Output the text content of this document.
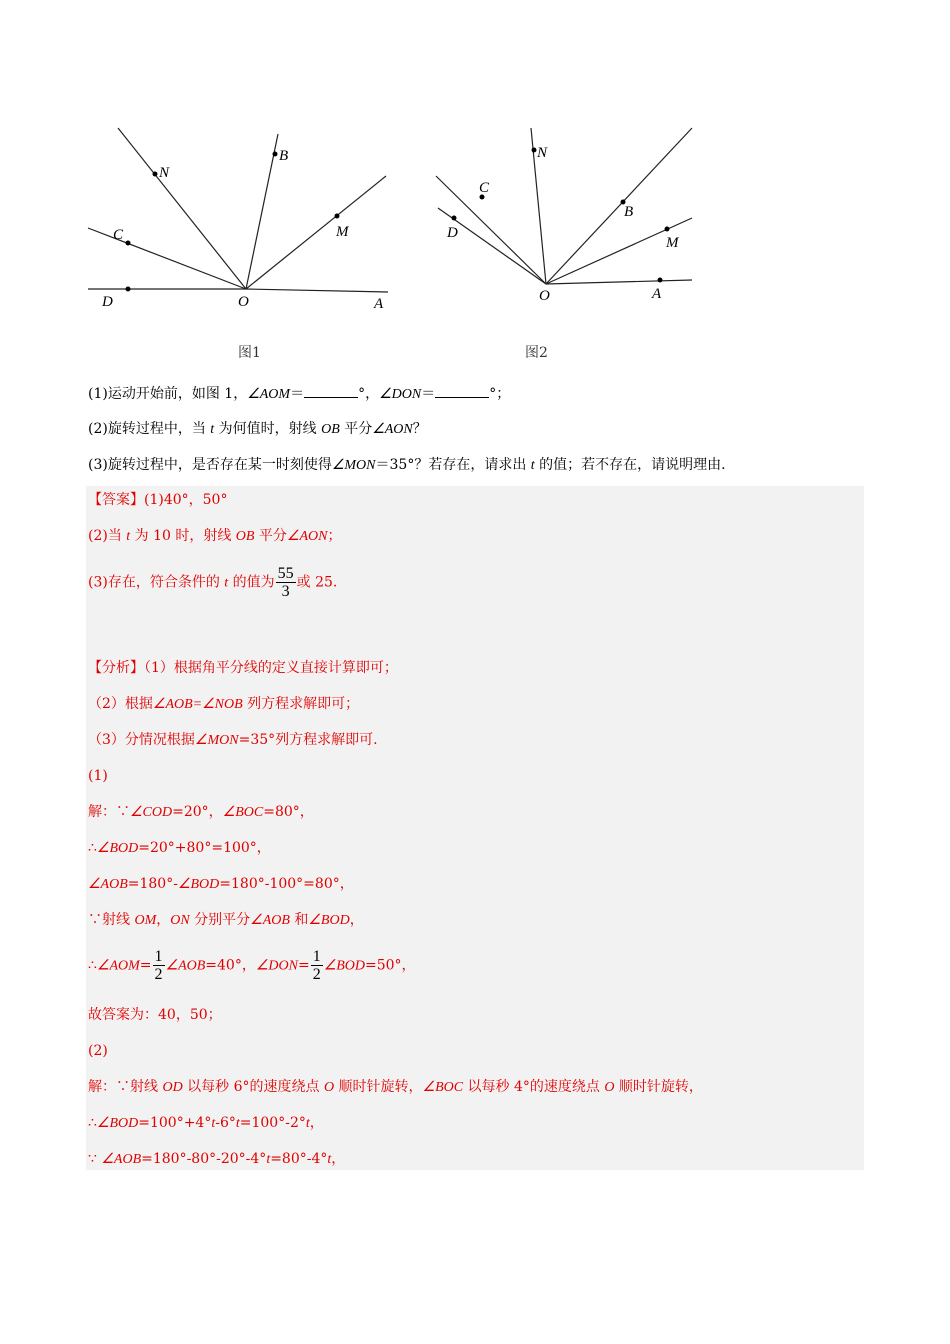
N
B
C	M
D	O	A
图1
N
C
B
D
M
O	A
图2
(1)运动开始前，如图 1，∠AOM＝	°，∠DON＝	°；
(2)旋转过程中，当 t 为何值时，射线 OB 平分∠AON？
(3)旋转过程中，是否存在某一时刻使得∠MON＝35°？若存在，请求出 t 的值；若不存在，请说明理由.
【答案】(1)40°，50°
(2)当 t 为 10 时，射线 OB 平分∠AON；
(3)存在，符合条件的 t 的值为 $\frac{55}{3}$ 或 25.
【分析】（1）根据角平分线的定义直接计算即可；
（2）根据∠AOB=∠NOB 列方程求解即可；
（3）分情况根据∠MON=35°列方程求解即可.
(1)
解：∵∠COD=20°，∠BOC=80°，
∴∠BOD=20°+80°=100°，
∠AOB=180°-∠BOD=180°-100°=80°，
∵射线 OM，ON 分别平分∠AOB 和∠BOD，
∴∠AOM= $\frac{1}{2}$ ∠AOB=40°，∠DON= $\frac{1}{2}$ ∠BOD=50°，
故答案为：40，50；
(2)
解：∵射线 OD 以每秒 6°的速度绕点 O 顺时针旋转，∠BOC 以每秒 4°的速度绕点 O 顺时针旋转，
∴∠BOD=100°+4°t-6°t=100°-2°t，
∵ ∠AOB=180°-80°-20°-4°t=80°-4°t，
